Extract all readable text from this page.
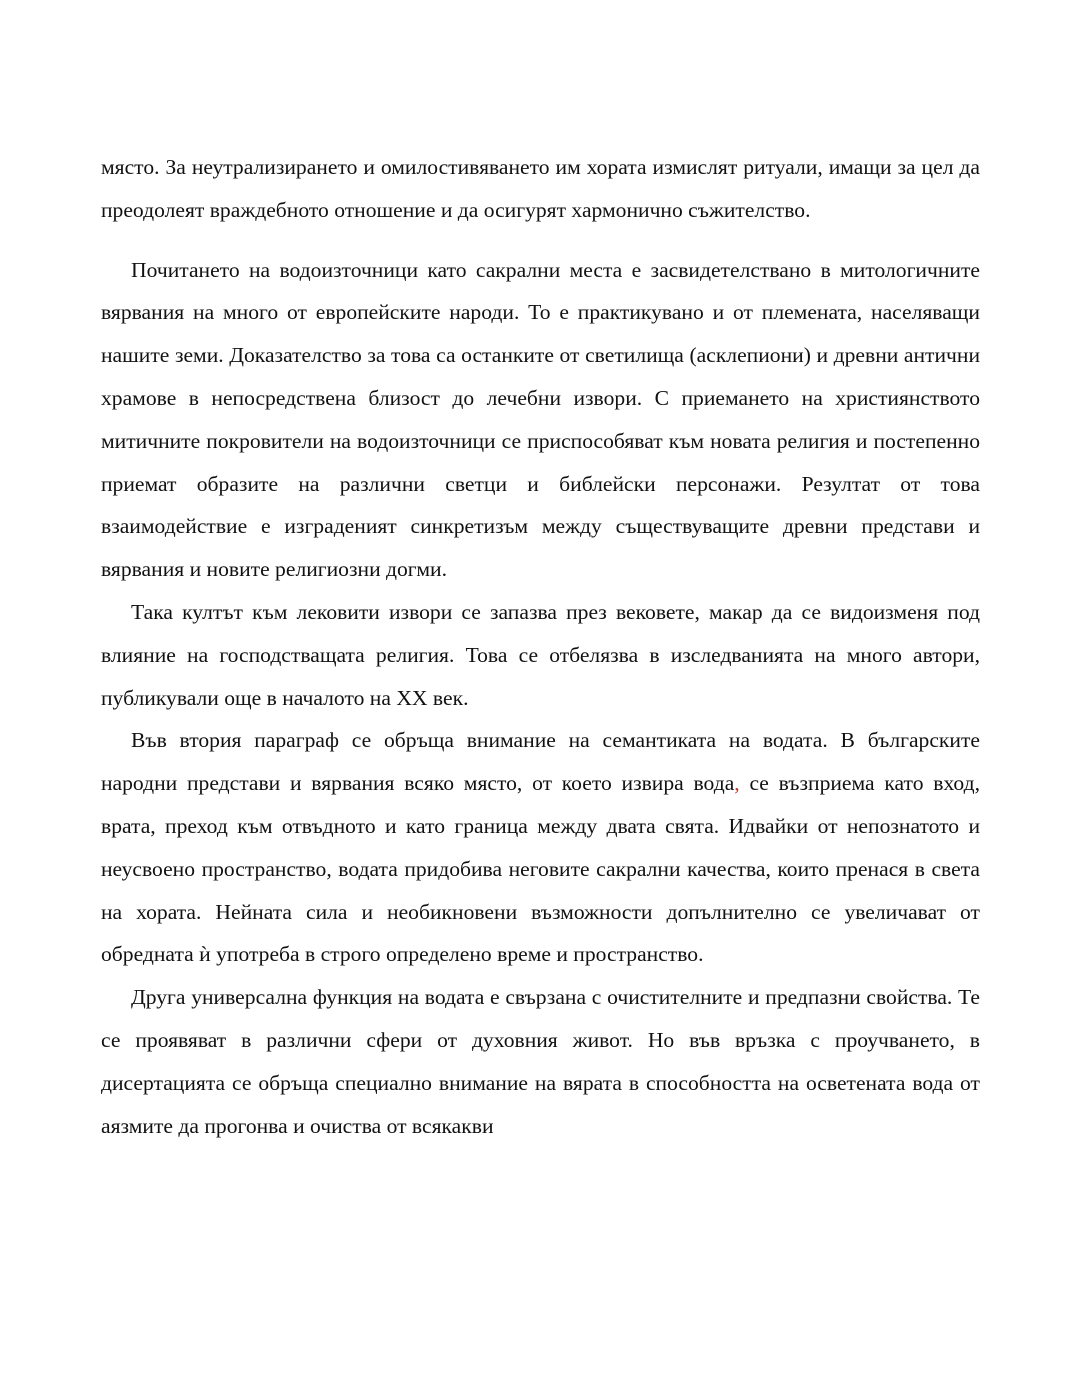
място. За неутрализирането и омилостивяването им хората измислят ритуали, имащи за цел да преодолеят враждебното отношение и да осигурят хармонично съжителство.

Почитането на водоизточници като сакрални места е засвидетелствано в митологичните вярвания на много от европейските народи. То е практикувано и от племената, населяващи нашите земи. Доказателство за това са останките от светилища (асклепиони) и древни антични храмове в непосредствена близост до лечебни извори. С приемането на християнството митичните покровители на водоизточници се приспособяват към новата религия и постепенно приемат образите на различни светци и библейски персонажи. Резултат от това взаимодействие е изграденият синкретизъм между съществуващите древни представи и вярвания и новите религиозни догми.

Така култът към лековити извори се запазва през вековете, макар да се видоизменя под влияние на господстващата религия. Това се отбелязва в изследванията на много автори, публикували още в началото на XX век.

Във втория параграф се обръща внимание на семантиката на водата. В българските народни представи и вярвания всяко място, от което извира вода, се възприема като вход, врата, преход към отвъдното и като граница между двата свята. Идвайки от непознатото и неусвоено пространство, водата придобива неговите сакрални качества, които пренася в света на хората. Нейната сила и необикновени възможности допълнително се увеличават от обредната ѝ употреба в строго определено време и пространство.

Друга универсална функция на водата е свързана с очистителните и предпазни свойства. Те се проявяват в различни сфери от духовния живот. Но във връзка с проучването, в дисертацията се обръща специално внимание на вярата в способността на осветената вода от аязмите да прогонва и очиства от всякакви
